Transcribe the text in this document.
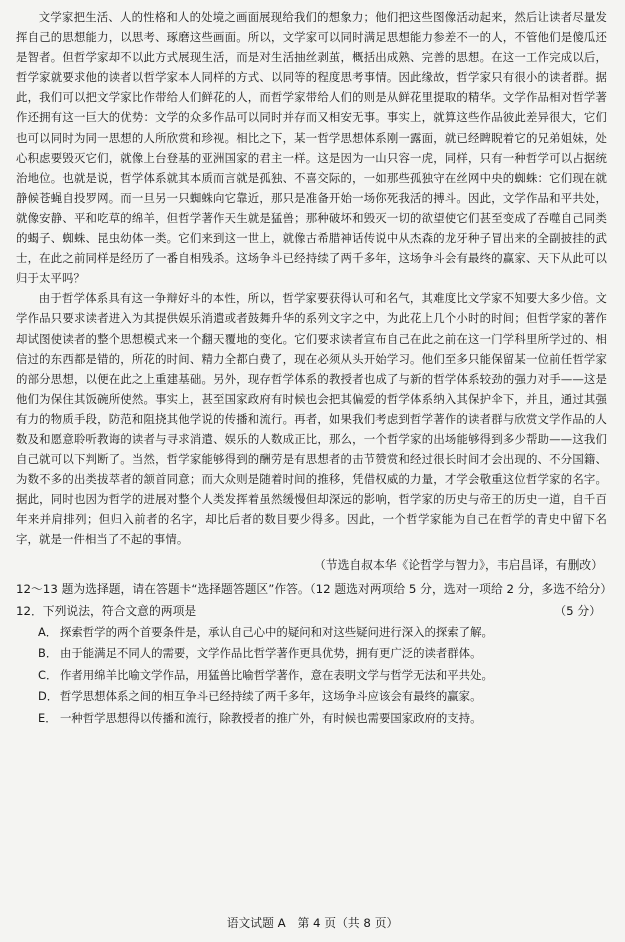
文学家把生活、人的性格和人的处境之画面展现给我们的想象力；他们把这些图像活动起来，然后让读者尽量发挥自己的思想能力，以思考、琢磨这些画面。所以，文学家可以同时满足思想能力参差不一的人，不管他们是傻瓜还是智者。但哲学家却不以此方式展现生活，而是对生活抽丝剥茧，概括出成熟、完善的思想。在这一工作完成以后，哲学家就要求他的读者以哲学家本人同样的方式、以同等的程度思考事情。因此缘故，哲学家只有很小的读者群。据此，我们可以把文学家比作带给人们鲜花的人，而哲学家带给人们的则是从鲜花里提取的精华。文学作品相对哲学著作还拥有这一巨大的优势：文学的众多作品可以同时并存而又相安无事。事实上，就算这些作品彼此差异很大，它们也可以同时为同一思想的人所欣赏和珍视。相比之下，某一哲学思想体系刚一露面，就已经睥睨着它的兄弟姐妹，处心积虑要毁灭它们，就像上台登基的亚洲国家的君主一样。这是因为一山只容一虎，同样，只有一种哲学可以占据统治地位。也就是说，哲学体系就其本质而言就是孤独、不喜交际的，一如那些孤独守在丝网中央的蜘蛛：它们现在就静候苍蝇自投罗网。而一旦另一只蜘蛛向它靠近，那只是准备开始一场你死我活的搏斗。因此，文学作品和平共处，就像安静、平和吃草的绵羊，但哲学著作天生就是猛兽；那种破坏和毁灭一切的欲望使它们甚至变成了吞噬自己同类的蝎子、蜘蛛、昆虫幼体一类。它们来到这一世上，就像古希腊神话传说中从杰森的龙牙种子冒出来的全副披挂的武士，在此之前同样是经历了一番自相残杀。这场争斗已经持续了两千多年，这场争斗会有最终的赢家、天下从此可以归于太平吗？

由于哲学体系具有这一争辩好斗的本性，所以，哲学家要获得认可和名气，其难度比文学家不知要大多少倍。文学作品只要求读者进入为其提供娱乐消遣或者鼓舞升华的系列文字之中，为此花上几个小时的时间；但哲学家的著作却试图使读者的整个思想模式来一个翻天覆地的变化。它们要求读者宣布自己在此之前在这一门学科里所学过的、相信过的东西都是错的，所花的时间、精力全都白费了，现在必须从头开始学习。他们至多只能保留某一位前任哲学家的部分思想，以便在此之上重建基础。另外，现存哲学体系的教授者也成了与新的哲学体系较劲的强力对手——这是他们为保住其饭碗所使然。事实上，甚至国家政府有时候也会把其偏爱的哲学体系纳入其保护伞下，并且，通过其强有力的物质手段，防范和阻挠其他学说的传播和流行。再者，如果我们考虑到哲学著作的读者群与欣赏文学作品的人数及和愿意聆听教诲的读者与寻求消遣、娱乐的人数成正比，那么，一个哲学家的出场能够得到多少帮助——这我们自己就可以下判断了。当然，哲学家能够得到的酬劳是有思想者的击节赞赏和经过很长时间才会出现的、不分国籍、为数不多的出类拔萃者的颔首同意；而大众则是随着时间的推移，凭借权威的力量，才学会敬重这位哲学家的名字。据此，同时也因为哲学的进展对整个人类发挥着虽然缓慢但却深远的影响，哲学家的历史与帝王的历史一道，自千百年来并肩排列；但归入前者的名字，却比后者的数目要少得多。因此，一个哲学家能为自己在哲学的青史中留下名字，就是一件相当了不起的事情。

（节选自叔本华《论哲学与智力》，韦启昌译，有删改）

12～13 题为选择题，请在答题卡“选择题答题区”作答。（12 题选对两项给 5 分，选对一项给 2 分，多选不给分）

12．下列说法，符合文意的两项是	（5 分）
A． 探索哲学的两个首要条件是，承认自己心中的疑问和对这些疑问进行深入的探索了解。
B． 由于能满足不同人的需要，文学作品比哲学著作更具优势，拥有更广泛的读者群体。
C． 作者用绵羊比喻文学作品，用猛兽比喻哲学著作，意在表明文学与哲学无法和平共处。
D． 哲学思想体系之间的相互争斗已经持续了两千多年，这场争斗应该会有最终的赢家。
E． 一种哲学思想得以传播和流行，除教授者的推广外，有时候也需要国家政府的支持。
语文试题 A　第 4 页（共 8 页）
